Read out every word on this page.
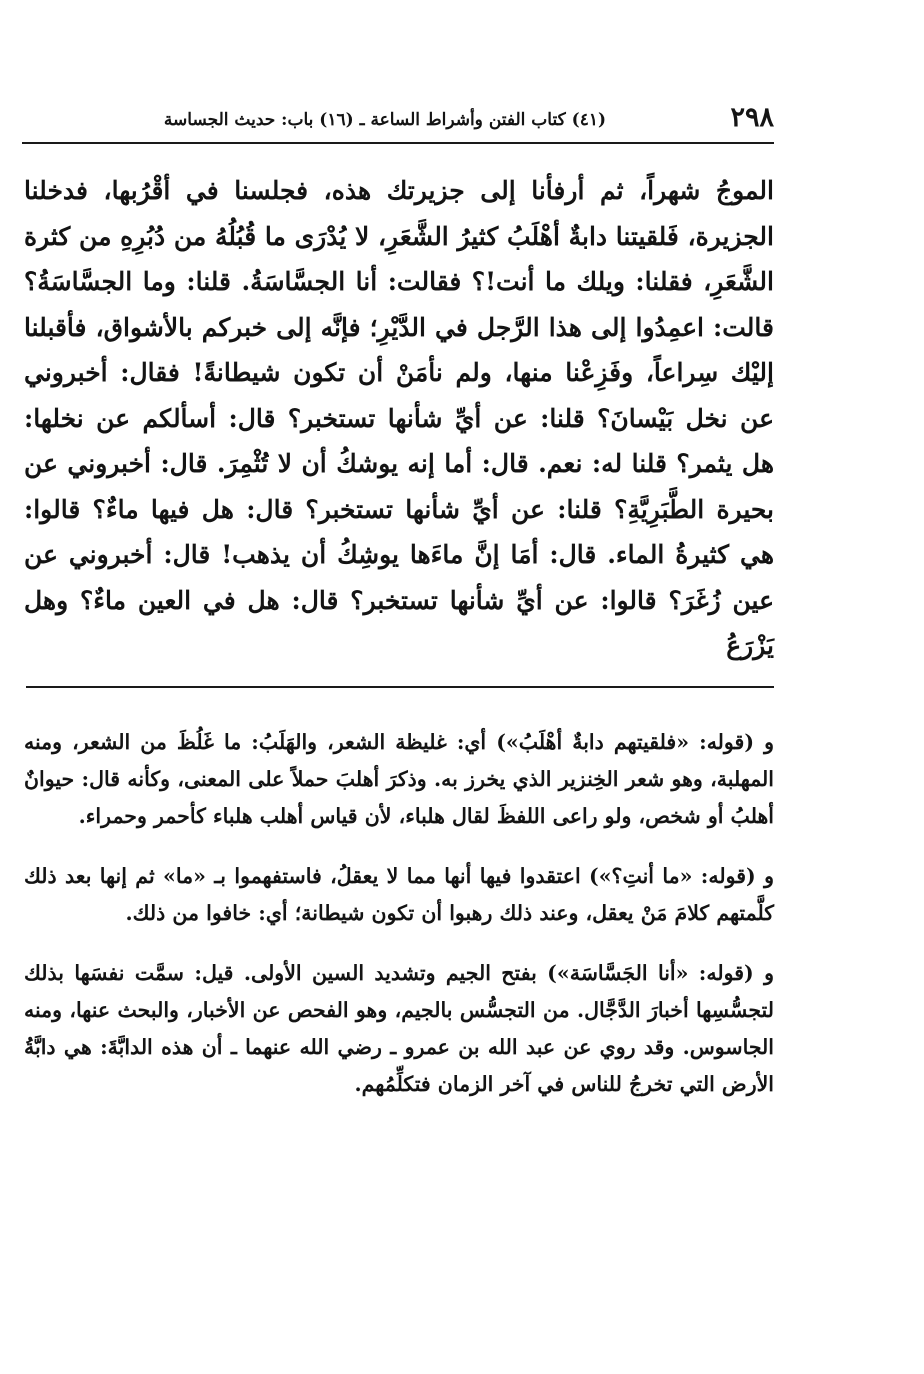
٢٩٨
(٤١) كتاب الفتن وأشراط الساعة ـ (١٦) باب: حديث الجساسة
الموجُ شهراً، ثم أرفأنا إلى جزيرتك هذه، فجلسنا في أقْرُبها، فدخلنا الجزيرة، فَلقيتنا دابةٌ أهْلَبُ كثيرُ الشَّعَرِ، لا يُدْرَى ما قُبُلُهُ من دُبُرِهِ من كثرة الشَّعَرِ، فقلنا: ويلك ما أنت!؟ فقالت: أنا الجسَّاسَةُ. قلنا: وما الجسَّاسَةُ؟ قالت: اعمِدُوا إلى هذا الرَّجل في الدَّيْرِ؛ فإنَّه إلى خبركم بالأشواق، فأقبلنا إليْك سِراعاً، وفَزِعْنا منها، ولم نأمَنْ أن تكون شيطانةً! فقال: أخبروني عن نخل بَيْسانَ؟ قلنا: عن أيِّ شأنها تستخبر؟ قال: أسألكم عن نخلها: هل يثمر؟ قلنا له: نعم. قال: أما إنه يوشكُ أن لا تُثْمِرَ. قال: أخبروني عن بحيرة الطَّبَرِيَّةِ؟ قلنا: عن أيِّ شأنها تستخبر؟ قال: هل فيها ماءٌ؟ قالوا: هي كثيرةُ الماء. قال: أمَا إنَّ ماءَها يوشِكُ أن يذهب! قال: أخبروني عن عين زُغَرَ؟ قالوا: عن أيِّ شأنها تستخبر؟ قال: هل في العين ماءٌ؟ وهل يَزْرَعُ

و (قوله: «فلقيتهم دابةٌ أهْلَبُ») أي: غليظة الشعر، والهَلَبُ: ما غَلُظَ من الشعر، ومنه المهلبة، وهو شعر الخِنزير الذي يخرز به. وذكرَ أهلبَ حملاً على المعنى، وكأنه قال: حيوانٌ أهلبُ أو شخص، ولو راعى اللفظَ لقال هلباء، لأن قياس أهلب هلباء كأحمر وحمراء.

و (قوله: «ما أنتِ؟») اعتقدوا فيها أنها مما لا يعقلُ، فاستفهموا بـ «ما» ثم إنها بعد ذلك كلَّمتهم كلامَ مَنْ يعقل، وعند ذلك رهبوا أن تكون شيطانة؛ أي: خافوا من ذلك.

و (قوله: «أنا الجَسَّاسَة») بفتح الجيم وتشديد السين الأولى. قيل: سمَّت نفسَها بذلك لتجسُّسِها أخبارَ الدَّجَّال. من التجسُّس بالجيم، وهو الفحص عن الأخبار، والبحث عنها، ومنه الجاسوس. وقد روي عن عبد الله بن عمرو ـ رضي الله عنهما ـ أن هذه الدابَّةَ: هي دابَّةُ الأرض التي تخرجُ للناس في آخر الزمان فتكلِّمُهم.
